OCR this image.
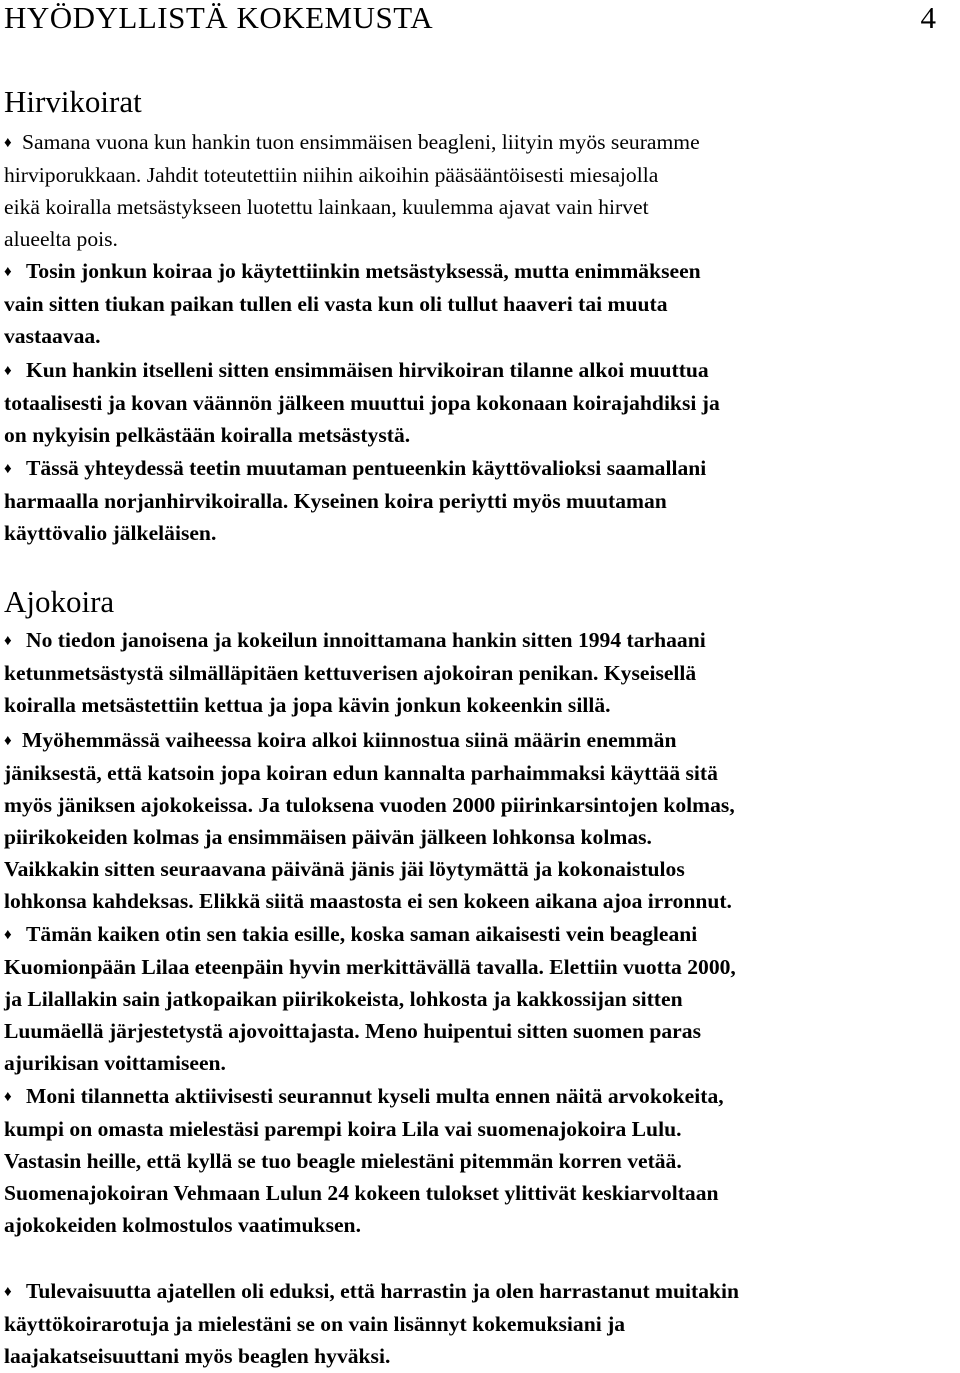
HYÖDYLLISTÄ KOKEMUSTA	4
Hirvikoirat
♦ Samana vuona kun hankin tuon ensimmäisen beagleni, liityin myös seuramme
hirviporukkaan. Jahdit toteutettiin niihin aikoihin pääsääntöisesti miesajolla
eikä koiralla metsästykseen luotettu lainkaan, kuulemma ajavat vain hirvet
alueelta pois.
♦ Tosin jonkun koiraa jo käytettiinkin metsästyksessä, mutta enimmäkseen
vain sitten tiukan paikan tullen eli vasta kun oli tullut haaveri tai muuta
vastaavaa.
♦ Kun hankin itselleni sitten ensimmäisen hirvikoiran tilanne alkoi muuttua
totaalisesti ja kovan väännön jälkeen muuttui jopa kokonaan koirajahdiksi ja
on nykyisin pelkästään koiralla metsästystä.
♦ Tässä yhteydessä teetin muutaman pentueenkin käyttövalioksi saamallani
harmaalla norjanhirvikoiralla. Kyseinen koira periytti myös muutaman
käyttövalio jälkeläisen.
Ajokoira
♦ No tiedon janoisena ja kokeilun innoittamana hankin sitten 1994 tarhaani
ketunmetsästystä silmälläpitäen kettuverisen ajokoiran penikan. Kyseisellä
koiralla metsästettiin kettua ja jopa kävin jonkun kokeenkin sillä.
♦ Myöhemmässä vaiheessa koira alkoi kiinnostua siinä määrin enemmän
jäniksestä, että katsoin jopa koiran edun kannalta parhaimmaksi käyttää sitä
myös jäniksen ajokokeissa. Ja tuloksena vuoden 2000 piirinkarsintojen kolmas,
piirikokeiden kolmas ja ensimmäisen päivän jälkeen lohkonsa kolmas.
Vaikkakin sitten seuraavana päivänä jänis jäi löytymättä ja kokonaistulos
lohkonsa kahdeksas. Elikkä siitä maastosta ei sen kokeen aikana ajoa irronnut.
♦ Tämän kaiken otin sen takia esille, koska saman aikaisesti vein beagleani
Kuomionpään Lilaa eteenpäin hyvin merkittävällä tavalla. Elettiin vuotta 2000,
ja Lilallakin sain jatkopaikan piirikokeista, lohkosta ja kakkossijan sitten
Luumäellä järjestetystä ajovoittajasta. Meno huipentui sitten suomen paras
ajurikisan voittamiseen.
♦ Moni tilannetta aktiivisesti seurannut kyseli multa ennen näitä arvokokeita,
kumpi on omasta mielestäsi parempi koira Lila vai suomenajokoira Lulu.
Vastasin heille, että kyllä se tuo beagle mielestäni pitemmän korren vetää.
Suomenajokoiran Vehmaan Lulun 24 kokeen tulokset ylittivät keskiarvoltaan
ajokokeiden kolmostulos vaatimuksen.
♦ Tulevaisuutta ajatellen oli eduksi, että harrastin ja olen harrastanut muitakin
käyttökoirarotuja ja mielestäni se on vain lisännyt kokemuksiani ja
laajakatseisuuttani myös beaglen hyväksi.
